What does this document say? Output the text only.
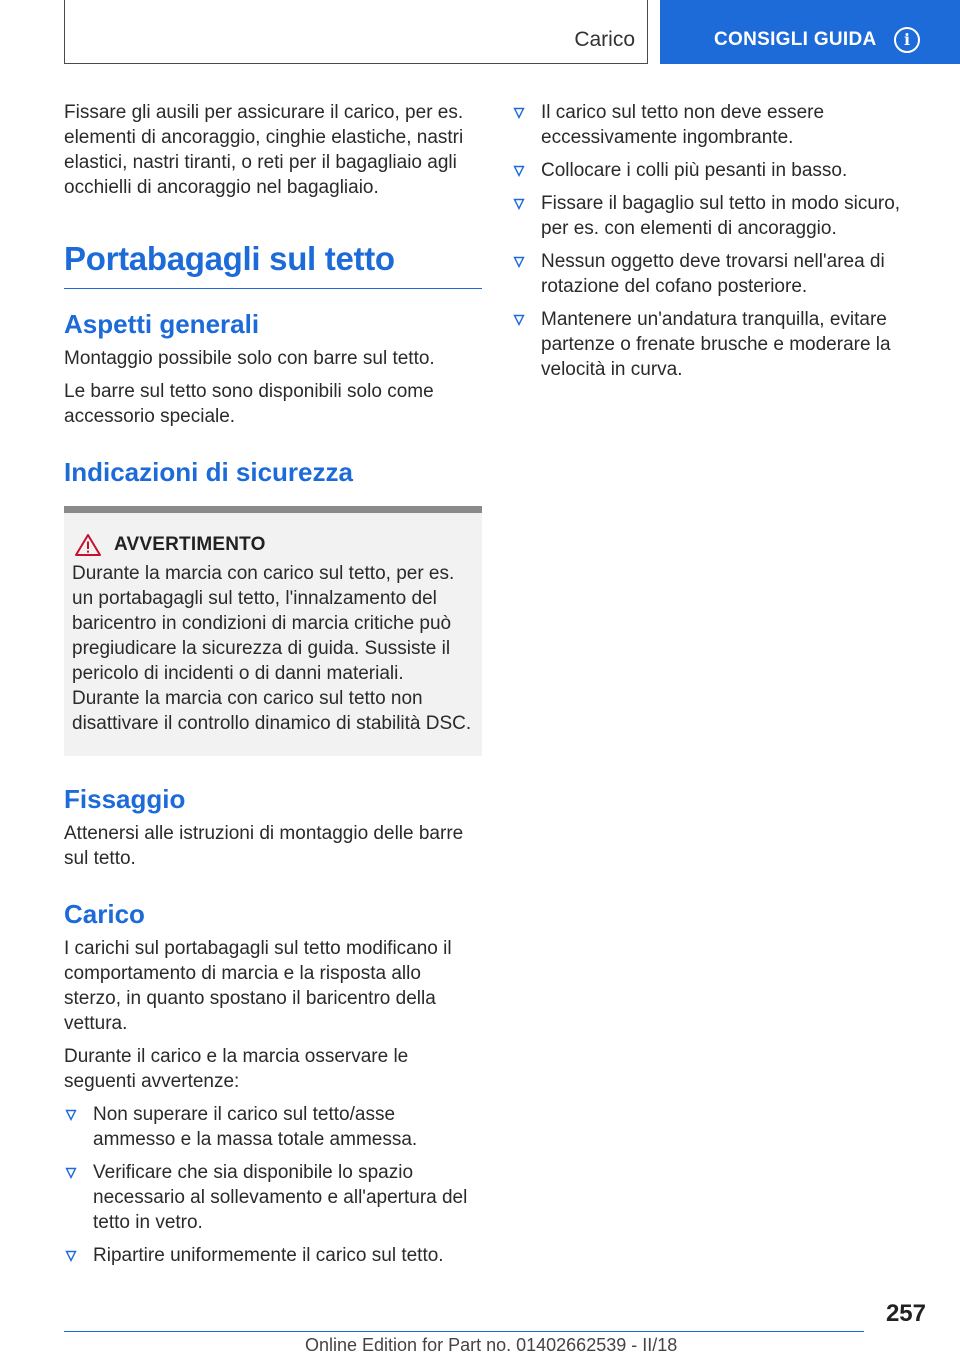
Carico	CONSIGLI GUIDA	i

Fissare gli ausili per assicurare il carico, per es. elementi di ancoraggio, cinghie elastiche, nastri elastici, nastri tiranti, o reti per il bagagliaio agli occhielli di ancoraggio nel bagagliaio.

Portabagagli sul tetto
Aspetti generali

Montaggio possibile solo con barre sul tetto.

Le barre sul tetto sono disponibili solo come accessorio speciale.

Indicazioni di sicurezza
AVVERTIMENTO

Durante la marcia con carico sul tetto, per es. un portabagagli sul tetto, l'innalzamento del baricentro in condizioni di marcia critiche può pregiudicare la sicurezza di guida. Sussiste il pericolo di incidenti o di danni materiali. Durante la marcia con carico sul tetto non disattivare il controllo dinamico di stabilità DSC.

Fissaggio

Attenersi alle istruzioni di montaggio delle barre sul tetto.

Carico

I carichi sul portabagagli sul tetto modificano il comportamento di marcia e la risposta allo sterzo, in quanto spostano il baricentro della vettura.

Durante il carico e la marcia osservare le seguenti avvertenze:

Non superare il carico sul tetto/asse ammesso e la massa totale ammessa.
Verificare che sia disponibile lo spazio necessario al sollevamento e all'apertura del tetto in vetro.
Ripartire uniformemente il carico sul tetto.
Il carico sul tetto non deve essere eccessivamente ingombrante.
Collocare i colli più pesanti in basso.
Fissare il bagaglio sul tetto in modo sicuro, per es. con elementi di ancoraggio.
Nessun oggetto deve trovarsi nell'area di rotazione del cofano posteriore.
Mantenere un'andatura tranquilla, evitare partenze o frenate brusche e moderare la velocità in curva.
257
Online Edition for Part no. 01402662539 - II/18
